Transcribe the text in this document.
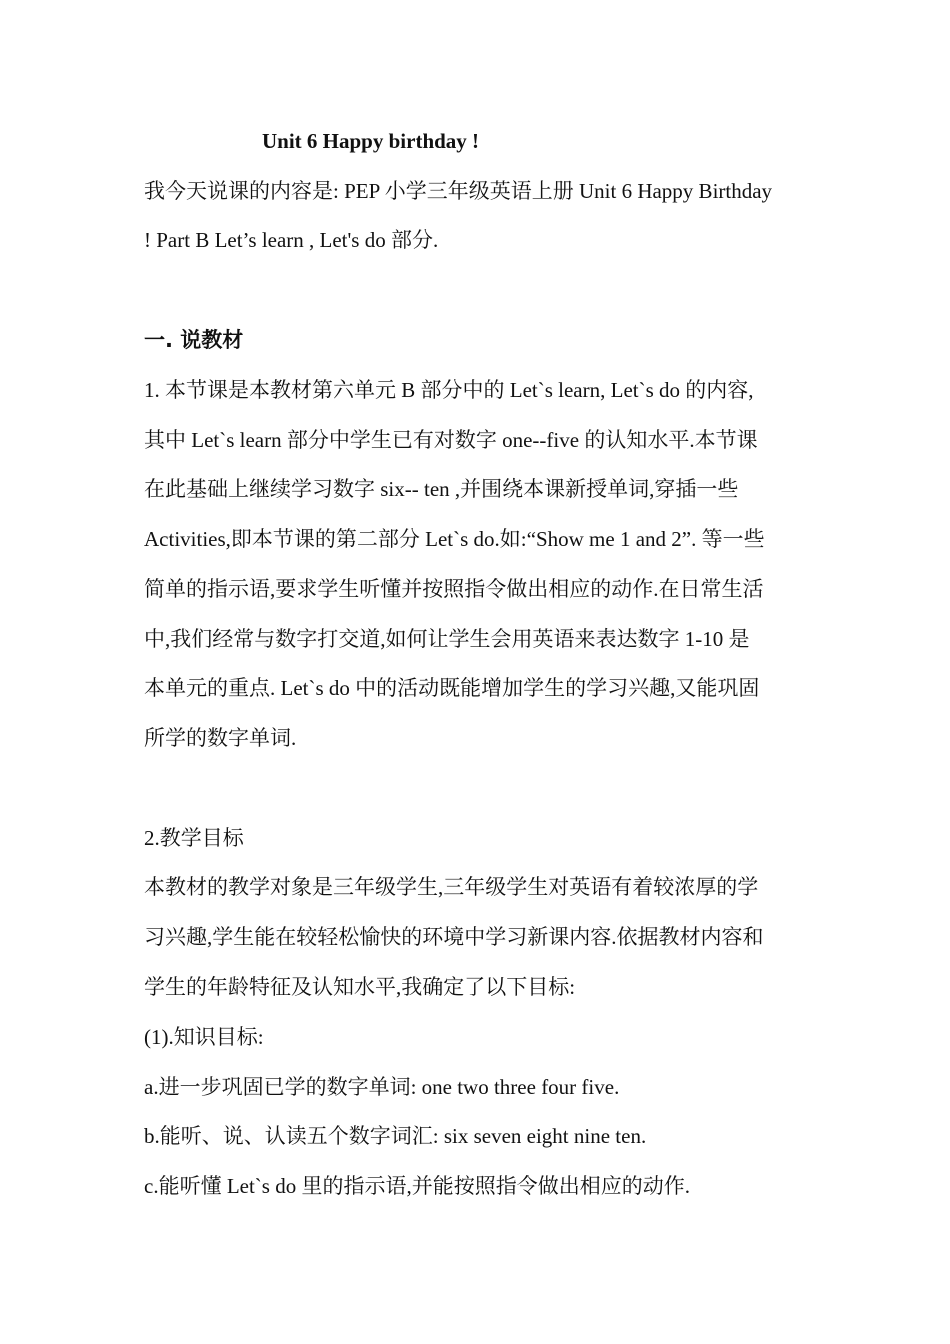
Unit 6 Happy birthday !
我今天说课的内容是: PEP 小学三年级英语上册 Unit 6 Happy Birthday
! Part B Let’s learn , Let's do 部分.
一. 说教材
1. 本节课是本教材第六单元 B 部分中的 Let`s learn, Let`s do 的内容,
其中 Let`s learn 部分中学生已有对数字 one--five 的认知水平.本节课
在此基础上继续学习数字 six-- ten ,并围绕本课新授单词,穿插一些
Activities,即本节课的第二部分 Let`s do.如:“Show me 1 and 2”. 等一些
简单的指示语,要求学生听懂并按照指令做出相应的动作.在日常生活
中,我们经常与数字打交道,如何让学生会用英语来表达数字 1-10 是
本单元的重点. Let`s do 中的活动既能增加学生的学习兴趣,又能巩固
所学的数字单词.
2.教学目标
本教材的教学对象是三年级学生,三年级学生对英语有着较浓厚的学
习兴趣,学生能在较轻松愉快的环境中学习新课内容.依据教材内容和
学生的年龄特征及认知水平,我确定了以下目标:
(1).知识目标:
a.进一步巩固已学的数字单词: one two three four five.
b.能听、说、认读五个数字词汇: six seven eight nine ten.
c.能听懂 Let`s do 里的指示语,并能按照指令做出相应的动作.
